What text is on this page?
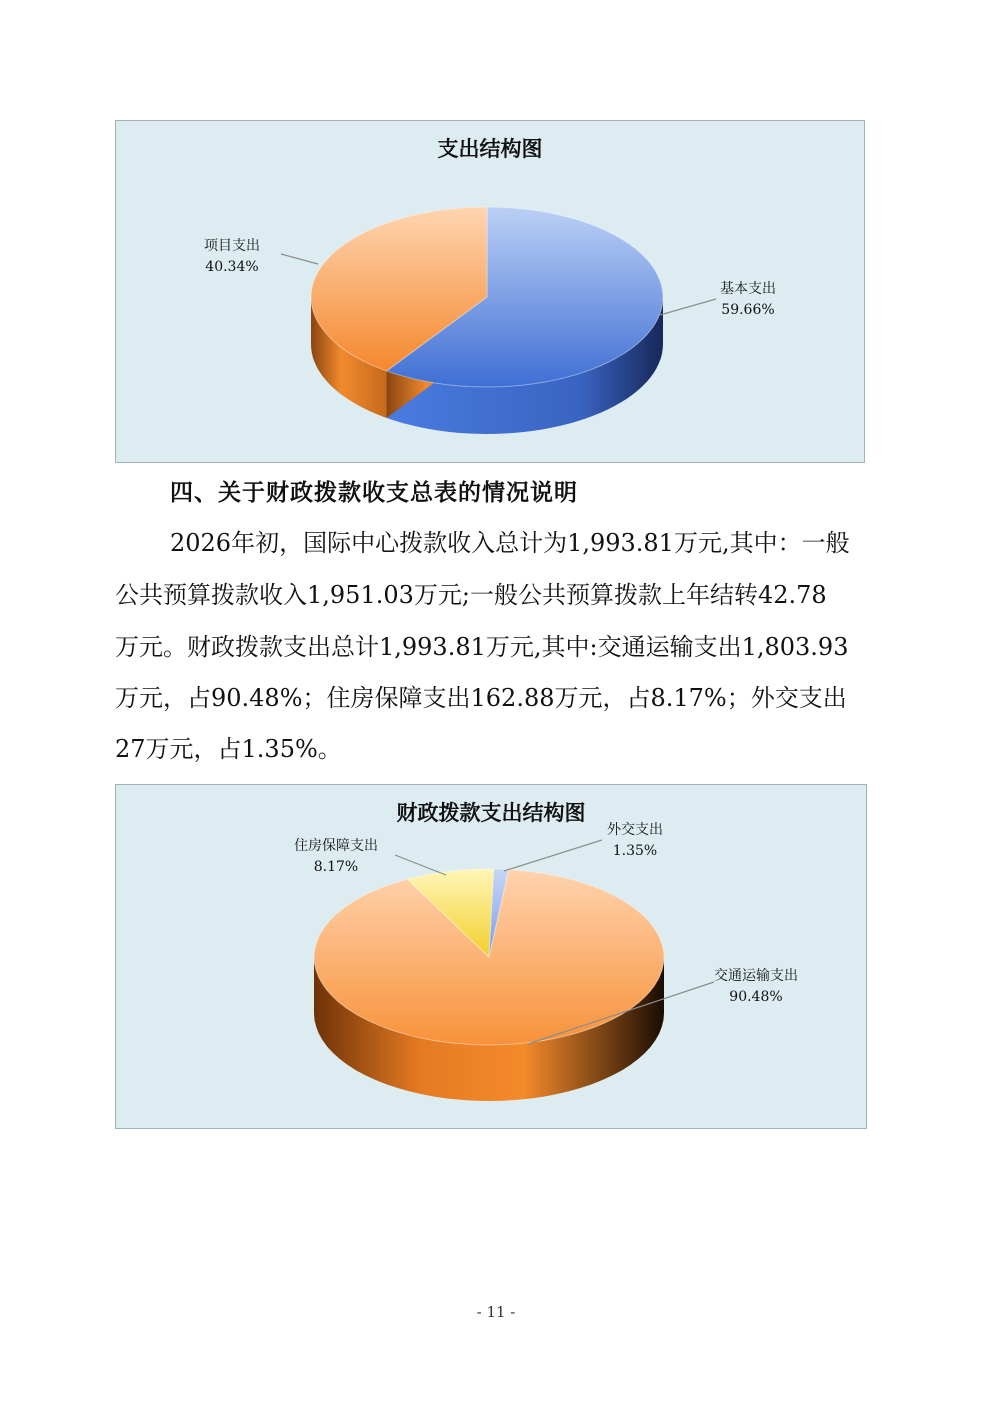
支出结构图
项目支出
40.34%
基本支出
59.66%
四、关于财政拨款收支总表的情况说明
2026年初，国际中心拨款收入总计为1,993.81万元,其中：一般
公共预算拨款收入1,951.03万元;一般公共预算拨款上年结转42.78
万元。财政拨款支出总计1,993.81万元,其中:交通运输支出1,803.93
万元，占90.48%；住房保障支出162.88万元，占8.17%；外交支出
27万元，占1.35%。
财政拨款支出结构图
住房保障支出
8.17%
外交支出
1.35%
交通运输支出
90.48%
- 11 -
